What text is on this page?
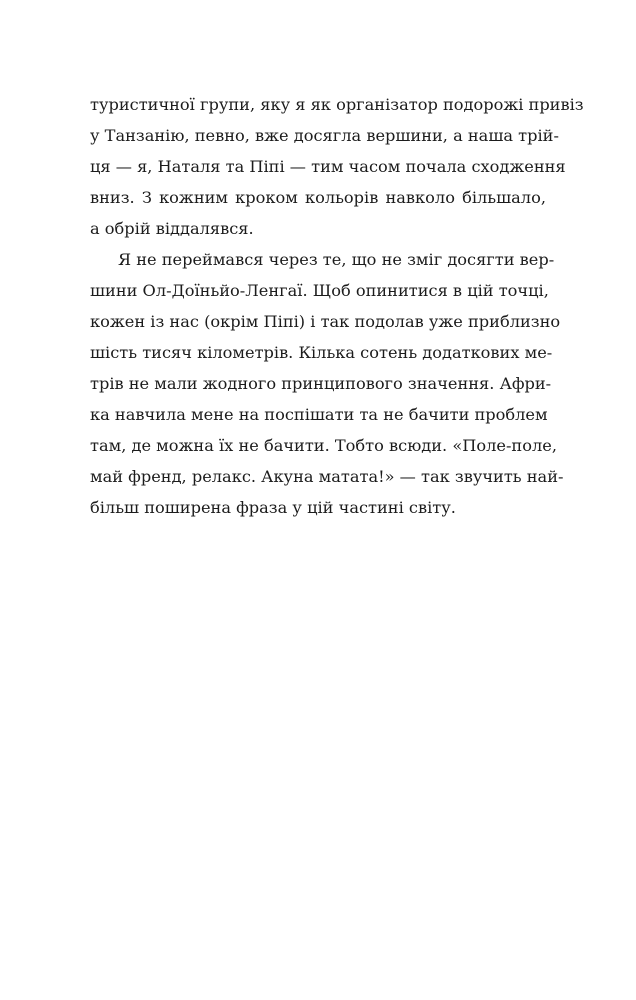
туристичної групи, яку я як організатор подорожі привіз
у Танзанію, певно, вже досягла вершини, а наша трій-
ця — я, Наталя та Піпі — тим часом почала сходження
вниз. З кожним кроком кольорів навколо більшало,
а обрій віддалявся.

Я не переймався через те, що не зміг досягти вер-
шини Ол-Доїньйо-Ленгаї. Щоб опинитися в цій точці,
кожен із нас (окрім Піпі) і так подолав уже приблизно
шість тисяч кілометрів. Кілька сотень додаткових ме-
трів не мали жодного принципового значення. Афри-
ка навчила мене на поспішати та не бачити проблем
там, де можна їх не бачити. Тобто всюди. «Поле-поле,
май френд, релакс. Акуна матата!» — так звучить най-
більш поширена фраза у цій частині світу.
